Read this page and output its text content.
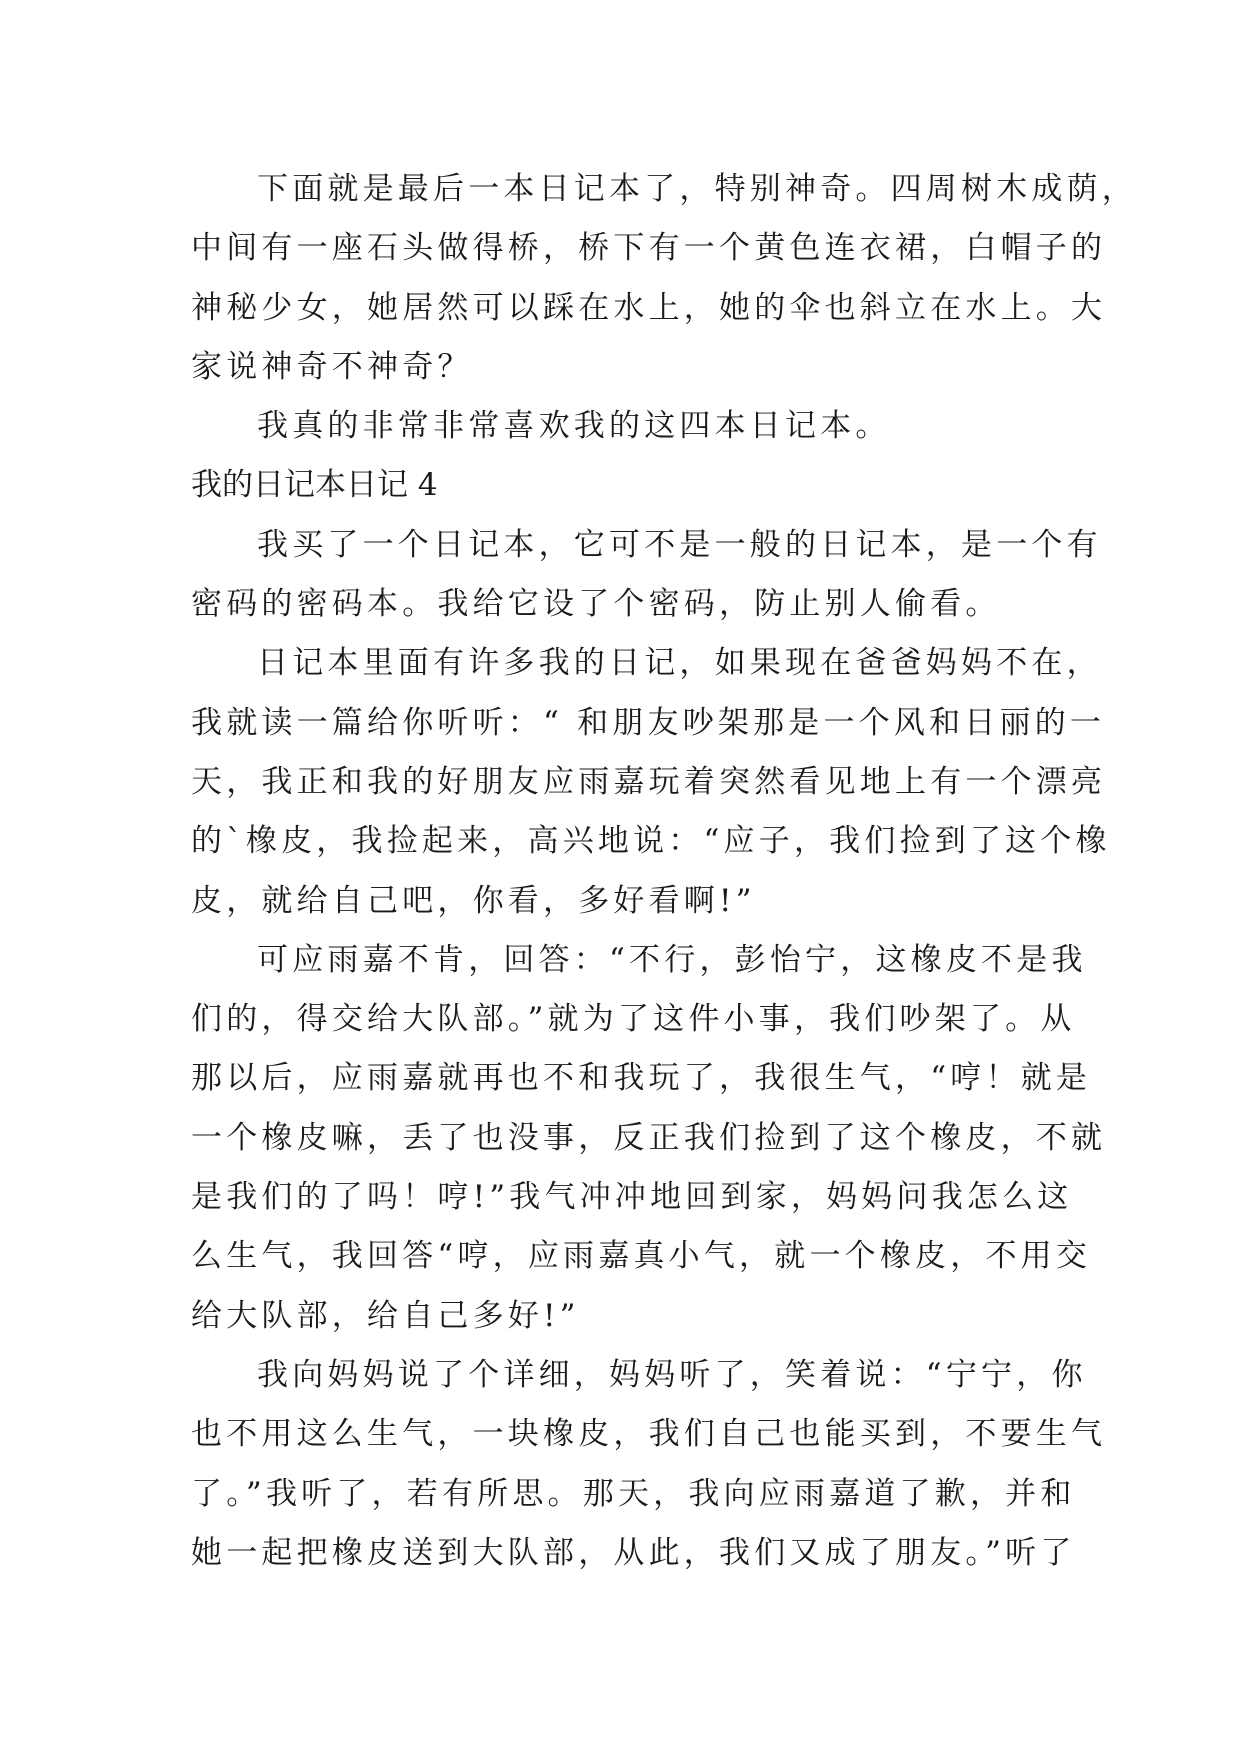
下面就是最后一本日记本了，特别神奇。四周树木成荫，
中间有一座石头做得桥，桥下有一个黄色连衣裙，白帽子的
神秘少女，她居然可以踩在水上，她的伞也斜立在水上。大
家说神奇不神奇？
我真的非常非常喜欢我的这四本日记本。
我的日记本日记 4
我买了一个日记本，它可不是一般的日记本，是一个有
密码的密码本。我给它设了个密码，防止别人偷看。
日记本里面有许多我的日记，如果现在爸爸妈妈不在，
我就读一篇给你听听：“ 和朋友吵架那是一个风和日丽的一
天，我正和我的好朋友应雨嘉玩着突然看见地上有一个漂亮
的`橡皮，我捡起来，高兴地说：“应子，我们捡到了这个橡
皮，就给自己吧，你看，多好看啊!”
可应雨嘉不肯，回答：“不行，彭怡宁，这橡皮不是我
们的，得交给大队部。”就为了这件小事，我们吵架了。从
那以后，应雨嘉就再也不和我玩了，我很生气，“哼！就是
一个橡皮嘛，丢了也没事，反正我们捡到了这个橡皮，不就
是我们的了吗！哼!”我气冲冲地回到家，妈妈问我怎么这
么生气，我回答“哼，应雨嘉真小气，就一个橡皮，不用交
给大队部，给自己多好!”
我向妈妈说了个详细，妈妈听了，笑着说：“宁宁，你
也不用这么生气，一块橡皮，我们自己也能买到，不要生气
了。”我听了，若有所思。那天，我向应雨嘉道了歉，并和
她一起把橡皮送到大队部，从此，我们又成了朋友。”听了
